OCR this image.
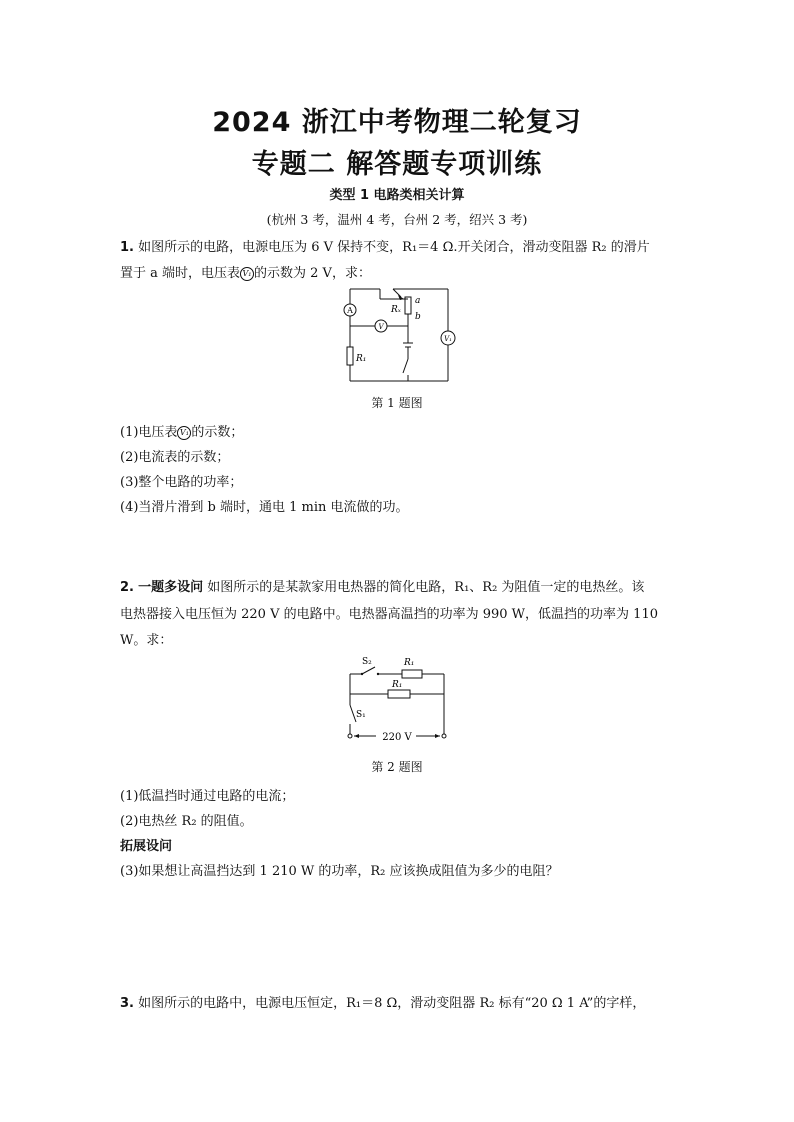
2024 浙江中考物理二轮复习
专题二 解答题专项训练
类型 1 电路类相关计算
(杭州 3 考，温州 4 考，台州 2 考，绍兴 3 考)
1. 如图所示的电路，电源电压为 6 V 保持不变，R₁＝4 Ω.开关闭合，滑动变阻器 R₂ 的滑片
置于 a 端时，电压表 V₁ 的示数为 2 V，求：
A
V
V₁
a
b
Rₓ
R₁
第 1 题图
(1)电压表 V₁ 的示数；
(2)电流表的示数；
(3)整个电路的功率；
(4)当滑片滑到 b 端时，通电 1 min 电流做的功。
2. 一题多设问 如图所示的是某款家用电热器的简化电路，R₁、R₂ 为阻值一定的电热丝。该
电热器接入电压恒为 220 V 的电路中。电热器高温挡的功率为 990 W，低温挡的功率为 110
W。求：
S₂	R₁
R₁
S₁
220 V
第 2 题图
(1)低温挡时通过电路的电流；
(2)电热丝 R₂ 的阻值。
拓展设问
(3)如果想让高温挡达到 1 210 W 的功率，R₂ 应该换成阻值为多少的电阻？
3. 如图所示的电路中，电源电压恒定，R₁＝8 Ω，滑动变阻器 R₂ 标有“20 Ω 1 A”的字样，
